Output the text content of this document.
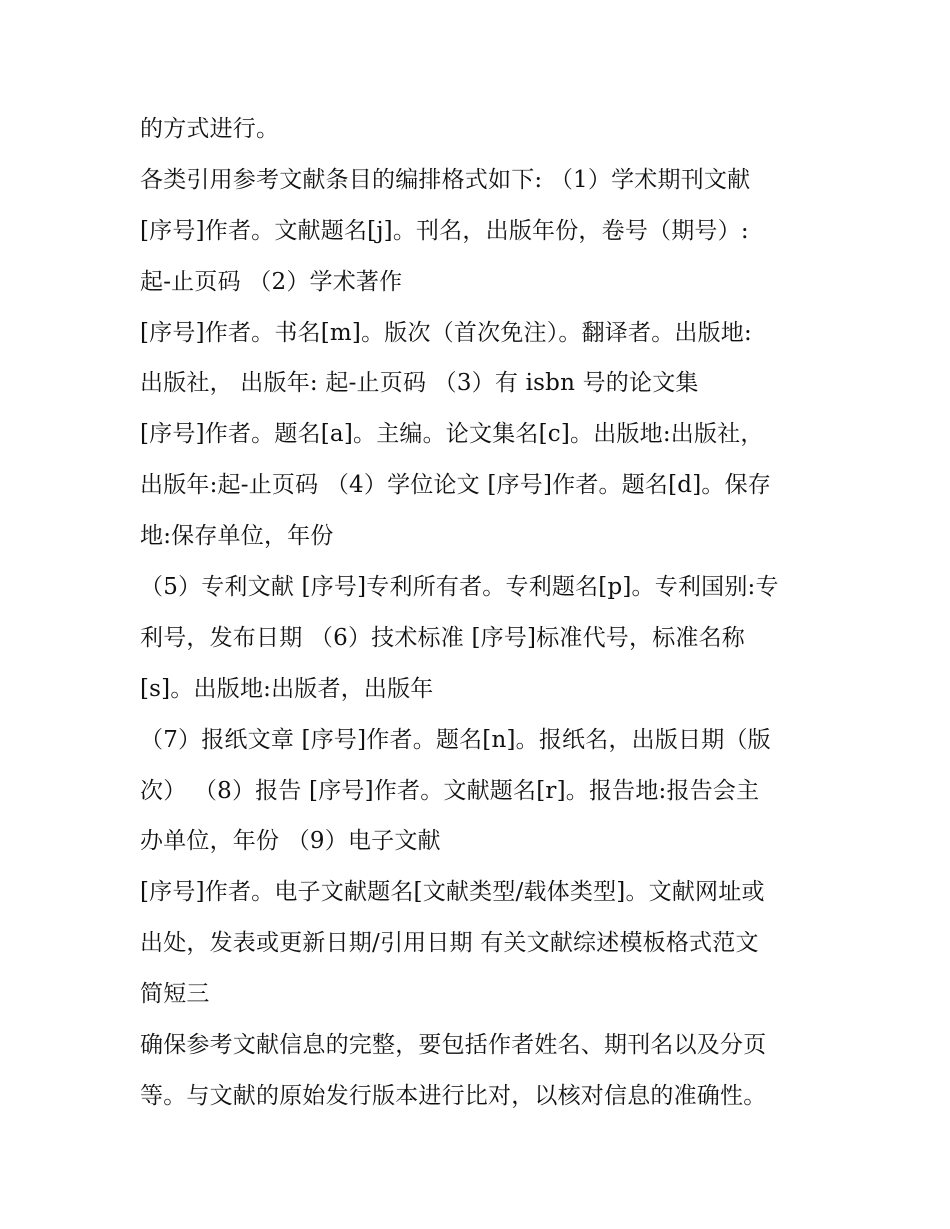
的方式进行。
各类引用参考文献条目的编排格式如下: （1）学术期刊文献
[序号]作者。文献题名[j]。刊名，出版年份，卷号（期号）:
起-止页码 （2）学术著作
[序号]作者。书名[m]。版次（首次免注）。翻译者。出版地:
出版社， 出版年: 起-止页码 （3）有 isbn 号的论文集
[序号]作者。题名[a]。主编。论文集名[c]。出版地:出版社，
出版年:起-止页码 （4）学位论文 [序号]作者。题名[d]。保存
地:保存单位，年份
（5）专利文献 [序号]专利所有者。专利题名[p]。专利国别:专
利号，发布日期 （6）技术标准 [序号]标准代号，标准名称
[s]。出版地:出版者，出版年
（7）报纸文章 [序号]作者。题名[n]。报纸名，出版日期（版
次） （8）报告 [序号]作者。文献题名[r]。报告地:报告会主
办单位，年份 （9）电子文献
[序号]作者。电子文献题名[文献类型/载体类型]。文献网址或
出处，发表或更新日期/引用日期 有关文献综述模板格式范文
简短三
确保参考文献信息的完整，要包括作者姓名、期刊名以及分页
等。与文献的原始发行版本进行比对，以核对信息的准确性。
